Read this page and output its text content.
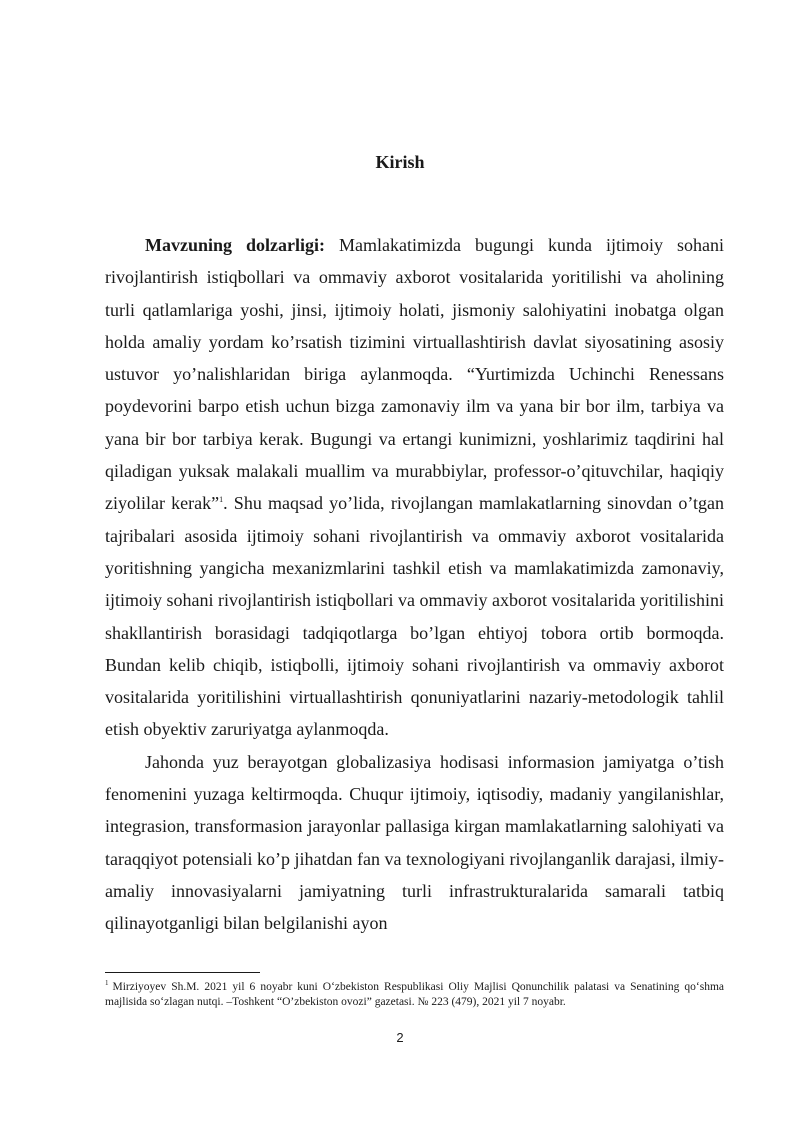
Kirish

Mavzuning dolzarligi: Mamlakatimizda bugungi kunda ijtimoiy sohani rivojlantirish istiqbollari va ommaviy axborot vositalarida yoritilishi va aholining turli qatlamlariga yoshi, jinsi, ijtimoiy holati, jismoniy salohiyatini inobatga olgan holda amaliy yordam ko’rsatish tizimini virtuallashtirish davlat siyosatining asosiy ustuvor yo’nalishlaridan biriga aylanmoqda. “Yurtimizda Uchinchi Renessans poydevorini barpo etish uchun bizga zamonaviy ilm va yana bir bor ilm, tarbiya va yana bir bor tarbiya kerak. Bugungi va ertangi kunimizni, yoshlarimiz taqdirini hal qiladigan yuksak malakali muallim va murabbiylar, professor-o’qituvchilar, haqiqiy ziyolilar kerak”$^1$. Shu maqsad yo’lida, rivojlangan mamlakatlarning sinovdan o’tgan tajribalari asosida ijtimoiy sohani rivojlantirish va ommaviy axborot vositalarida yoritishning yangicha mexanizmlarini tashkil etish va mamlakatimizda zamonaviy, ijtimoiy sohani rivojlantirish istiqbollari va ommaviy axborot vositalarida yoritilishini shakllantirish borasidagi tadqiqotlarga bo’lgan ehtiyoj tobora ortib bormoqda. Bundan kelib chiqib, istiqbolli, ijtimoiy sohani rivojlantirish va ommaviy axborot vositalarida yoritilishini virtuallashtirish qonuniyatlarini nazariy-metodologik tahlil etish obyektiv zaruriyatga aylanmoqda.

Jahonda yuz berayotgan globalizasiya hodisasi informasion jamiyatga o’tish fenomenini yuzaga keltirmoqda. Chuqur ijtimoiy, iqtisodiy, madaniy yangilanishlar, integrasion, transformasion jarayonlar pallasiga kirgan mamlakatlarning salohiyati va taraqqiyot potensiali ko’p jihatdan fan va texnologiyani rivojlanganlik darajasi, ilmiy-amaliy innovasiyalarni jamiyatning turli infrastrukturalarida samarali tatbiq qilinayotganligi bilan belgilanishi ayon

$^1$ Mirziyoyev Sh.M. 2021 yil 6 noyabr kuni O‘zbekiston Respublikasi Oliy Majlisi Qonunchilik palatasi va Senatining qo‘shma majlisida so‘zlagan nutqi. –Toshkent “O’zbekiston ovozi” gazetasi. № 223 (479), 2021 yil 7 noyabr.

2
